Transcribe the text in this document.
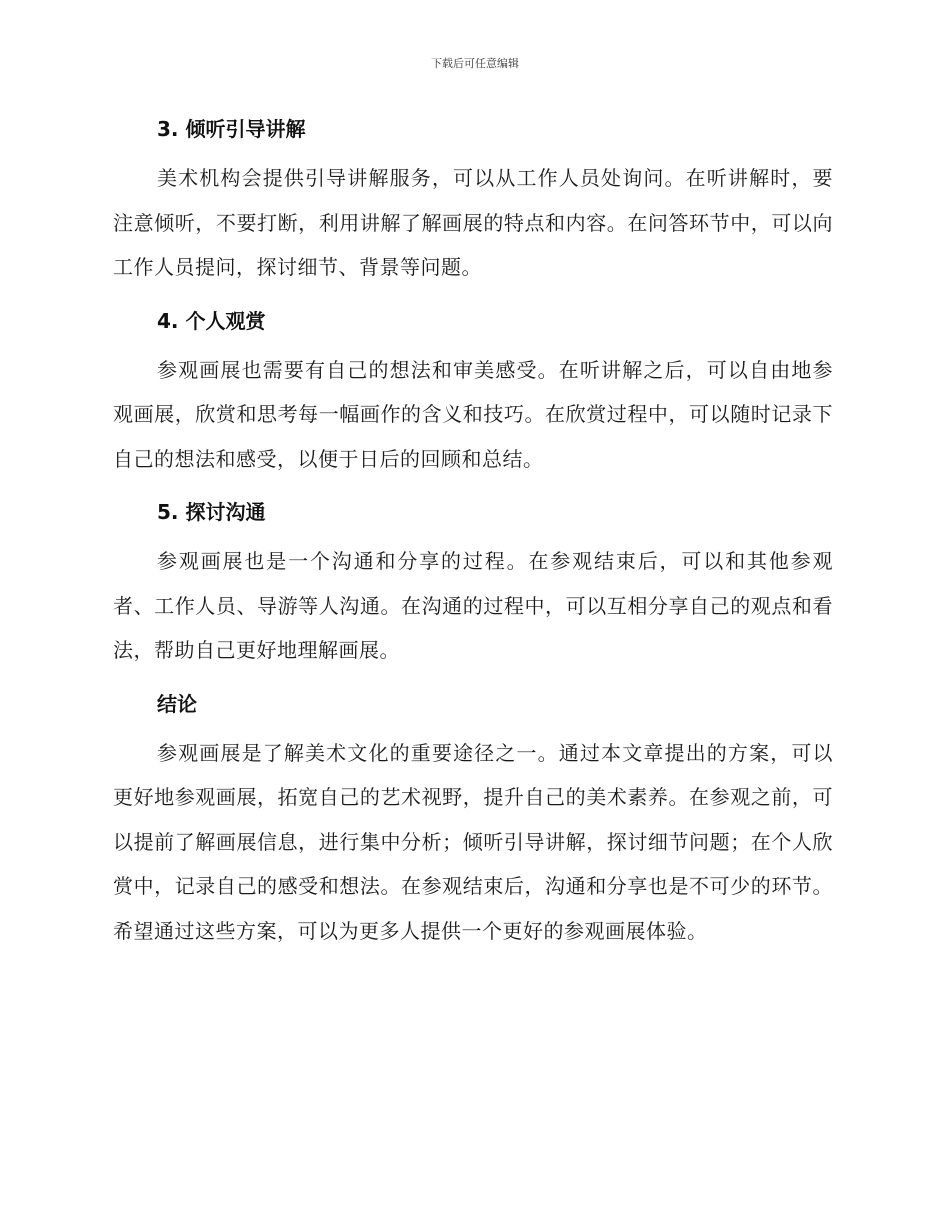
下载后可任意编辑
3. 倾听引导讲解

美术机构会提供引导讲解服务，可以从工作人员处询问。在听讲解时，要注意倾听，不要打断，利用讲解了解画展的特点和内容。在问答环节中，可以向工作人员提问，探讨细节、背景等问题。

4. 个人观赏

参观画展也需要有自己的想法和审美感受。在听讲解之后，可以自由地参观画展，欣赏和思考每一幅画作的含义和技巧。在欣赏过程中，可以随时记录下自己的想法和感受，以便于日后的回顾和总结。

5. 探讨沟通

参观画展也是一个沟通和分享的过程。在参观结束后，可以和其他参观者、工作人员、导游等人沟通。在沟通的过程中，可以互相分享自己的观点和看法，帮助自己更好地理解画展。

结论

参观画展是了解美术文化的重要途径之一。通过本文章提出的方案，可以更好地参观画展，拓宽自己的艺术视野，提升自己的美术素养。在参观之前，可以提前了解画展信息，进行集中分析；倾听引导讲解，探讨细节问题；在个人欣赏中，记录自己的感受和想法。在参观结束后，沟通和分享也是不可少的环节。希望通过这些方案，可以为更多人提供一个更好的参观画展体验。
